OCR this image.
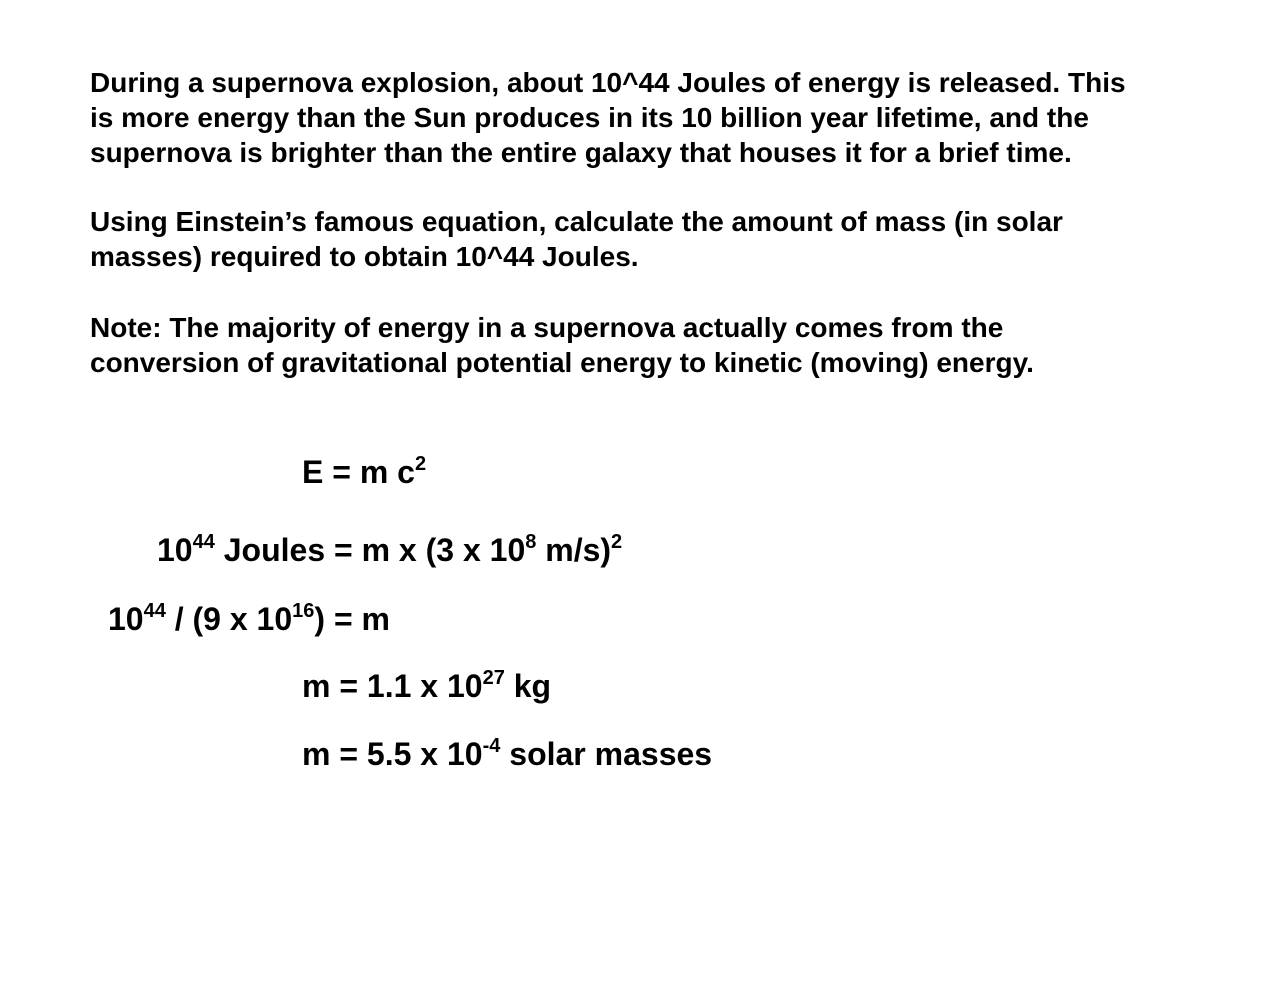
During a supernova explosion, about 10^44 Joules of energy is released. This
is more energy than the Sun produces in its 10 billion year lifetime, and the
supernova is brighter than the entire galaxy that houses it for a brief time.

Using Einstein’s famous equation, calculate the amount of mass (in solar
masses) required to obtain 10^44 Joules.

Note: The majority of energy in a supernova actually comes from the
conversion of gravitational potential energy to kinetic (moving) energy.

E = m $c^2$
$10^{44}$ Joules = m x (3 x $10^8$ m/s)$^2$
$10^{44} / (9$ x $10^{16}) = m$
m = 1.1 x $10^{27}$ kg
m = 5.5 x $10^{-4}$ solar masses
